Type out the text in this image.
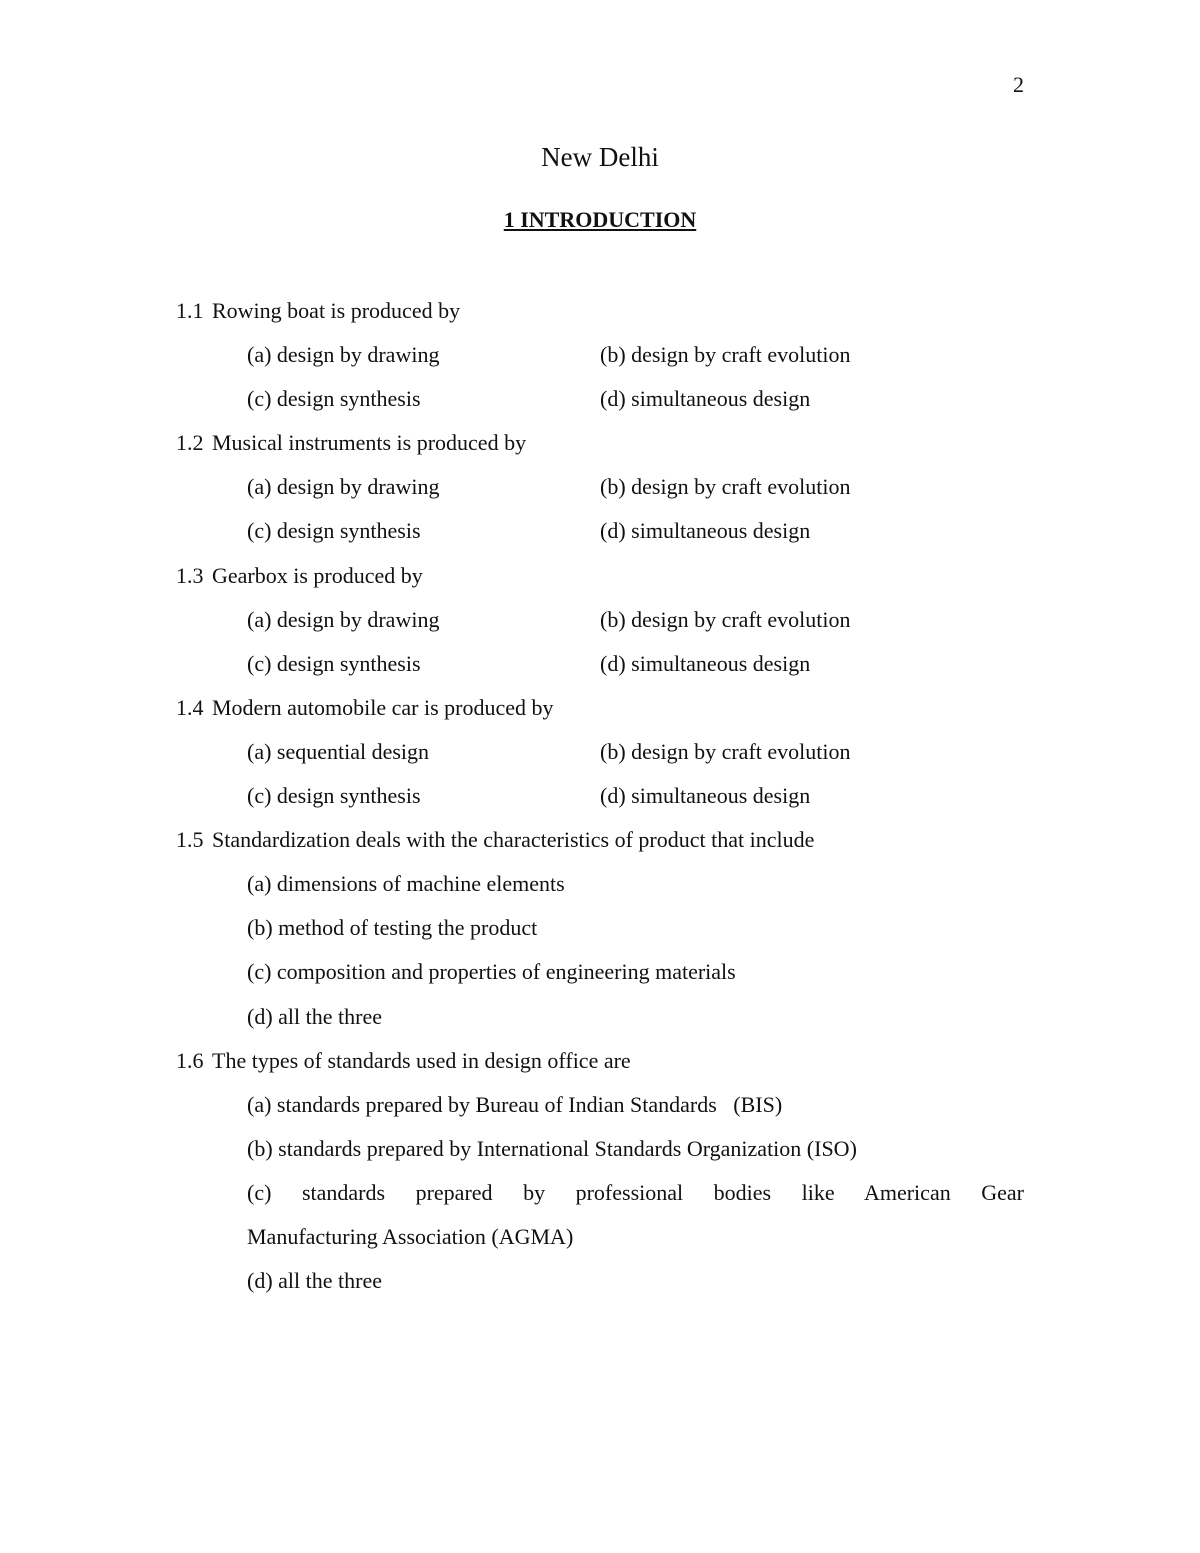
2
New Delhi
1 INTRODUCTION
1.1 Rowing boat is produced by
(a) design by drawing	(b) design by craft evolution
(c) design synthesis	(d) simultaneous design
1.2 Musical instruments is produced by
(a) design by drawing	(b) design by craft evolution
(c) design synthesis	(d) simultaneous design
1.3 Gearbox is produced by
(a) design by drawing	(b) design by craft evolution
(c) design synthesis	(d) simultaneous design
1.4 Modern automobile car is produced by
(a) sequential design	(b) design by craft evolution
(c) design synthesis	(d) simultaneous design
1.5 Standardization deals with the characteristics of product that include
(a) dimensions of machine elements
(b) method of testing the product
(c) composition and properties of engineering materials
(d) all the three
1.6 The types of standards used in design office are
(a) standards prepared by Bureau of Indian Standards   (BIS)
(b) standards prepared by International Standards Organization (ISO)
(c) standards prepared by professional bodies like American Gear
Manufacturing Association (AGMA)
(d) all the three
